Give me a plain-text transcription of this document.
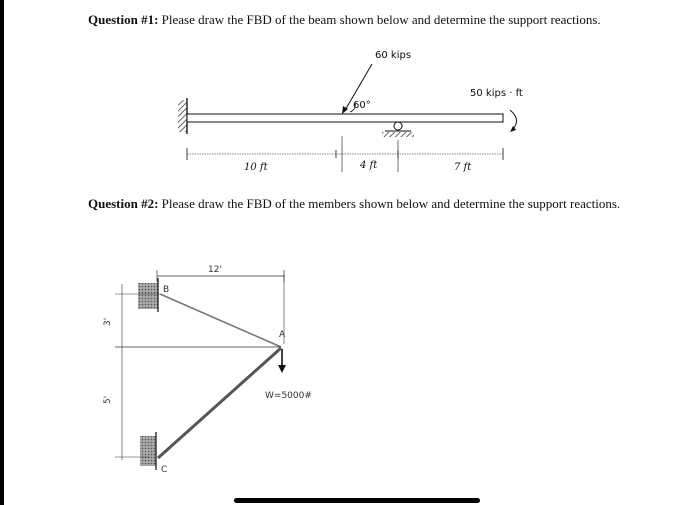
Question #1: Please draw the FBD of the beam shown below and determine the support reactions.
60 kips
60°
50 kips · ft
10 ft	4 ft	7 ft
12'
3'
5'
B
A
C
W=5000#
Question #2: Please draw the FBD of the members shown below and determine the support reactions.
